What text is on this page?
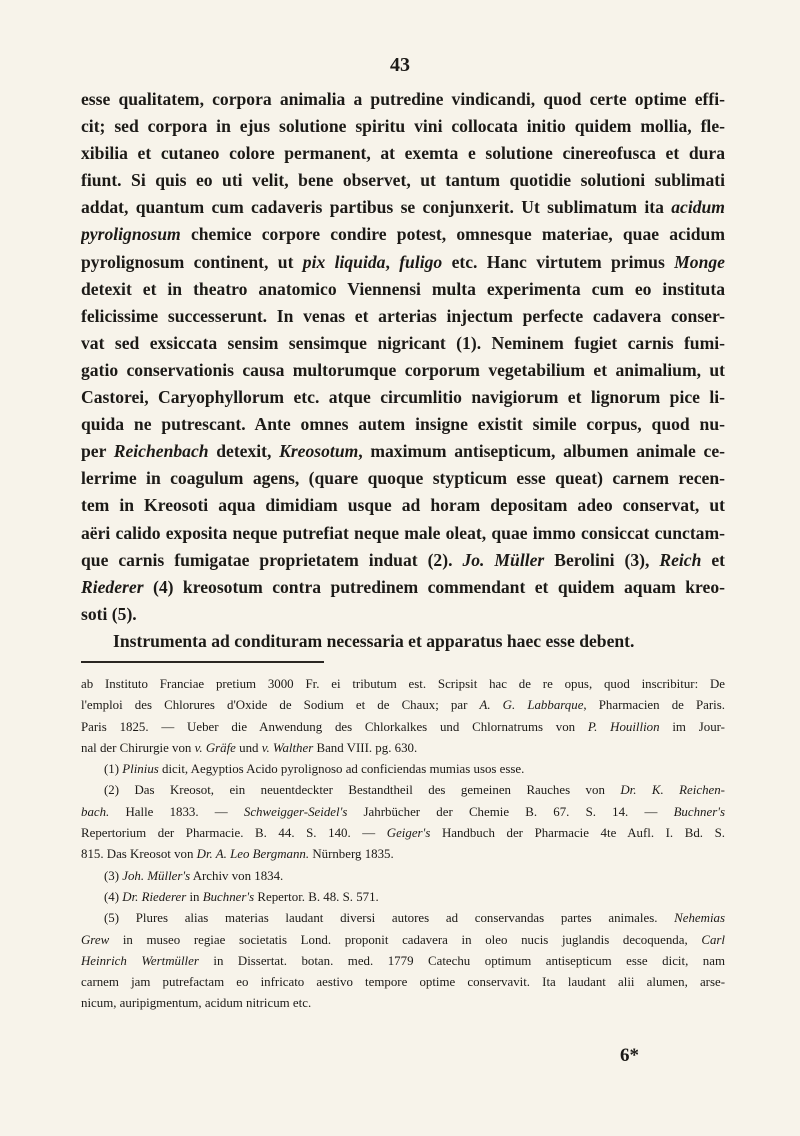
43
esse qualitatem, corpora animalia a putredine vindicandi, quod certe optime effi-
cit; sed corpora in ejus solutione spiritu vini collocata initio quidem mollia, fle-
xibilia et cutaneo colore permanent, at exemta e solutione cinereofusca et dura
fiunt. Si quis eo uti velit, bene observet, ut tantum quotidie solutioni sublimati
addat, quantum cum cadaveris partibus se conjunxerit. Ut sublimatum ita acidum
pyrolignosum chemice corpore condire potest, omnesque materiae, quae acidum
pyrolignosum continent, ut pix liquida, fuligo etc. Hanc virtutem primus Monge
detexit et in theatro anatomico Viennensi multa experimenta cum eo instituta
felicissime successerunt. In venas et arterias injectum perfecte cadavera conser-
vat sed exsiccata sensim sensimque nigricant (1). Neminem fugiet carnis fumi-
gatio conservationis causa multorumque corporum vegetabilium et animalium, ut
Castorei, Caryophyllorum etc. atque circumlitio navigiorum et lignorum pice li-
quida ne putrescant. Ante omnes autem insigne existit simile corpus, quod nu-
per Reichenbach detexit, Kreosotum, maximum antisepticum, albumen animale ce-
lerrime in coagulum agens, (quare quoque stypticum esse queat) carnem recen-
tem in Kreosoti aqua dimidiam usque ad horam depositam adeo conservat, ut
aëri calido exposita neque putrefiat neque male oleat, quae immo consiccat cunctam-
que carnis fumigatae proprietatem induat (2). Jo. Müller Berolini (3), Reich et
Riederer (4) kreosotum contra putredinem commendant et quidem aquam kreo-
soti (5).
Instrumenta ad condituram necessaria et apparatus haec esse debent.
ab Instituto Franciae pretium 3000 Fr. ei tributum est. Scripsit hac de re opus, quod inscribitur: De
l'emploi des Chlorures d'Oxide de Sodium et de Chaux; par A. G. Labbarque, Pharmacien de Paris.
Paris 1825. — Ueber die Anwendung des Chlorkalkes und Chlornatrums von P. Houillion im Jour-
nal der Chirurgie von v. Gräfe und v. Walther Band VIII. pg. 630.
(1) Plinius dicit, Aegyptios Acido pyrolignoso ad conficiendas mumias usos esse.
(2) Das Kreosot, ein neuentdeckter Bestandtheil des gemeinen Rauches von Dr. K. Reichen-
bach. Halle 1833. — Schweigger-Seidel's Jahrbücher der Chemie B. 67. S. 14. — Buchner's
Repertorium der Pharmacie. B. 44. S. 140. — Geiger's Handbuch der Pharmacie 4te Aufl. I. Bd. S.
815. Das Kreosot von Dr. A. Leo Bergmann. Nürnberg 1835.
(3) Joh. Müller's Archiv von 1834.
(4) Dr. Riederer in Buchner's Repertor. B. 48. S. 571.
(5) Plures alias materias laudant diversi autores ad conservandas partes animales. Nehemias
Grew in museo regiae societatis Lond. proponit cadavera in oleo nucis juglandis decoquenda, Carl
Heinrich Wertmüller in Dissertat. botan. med. 1779 Catechu optimum antisepticum esse dicit, nam
carnem jam putrefactam eo infricato aestivo tempore optime conservavit. Ita laudant alii alumen, arse-
nicum, auripigmentum, acidum nitricum etc.
6*
